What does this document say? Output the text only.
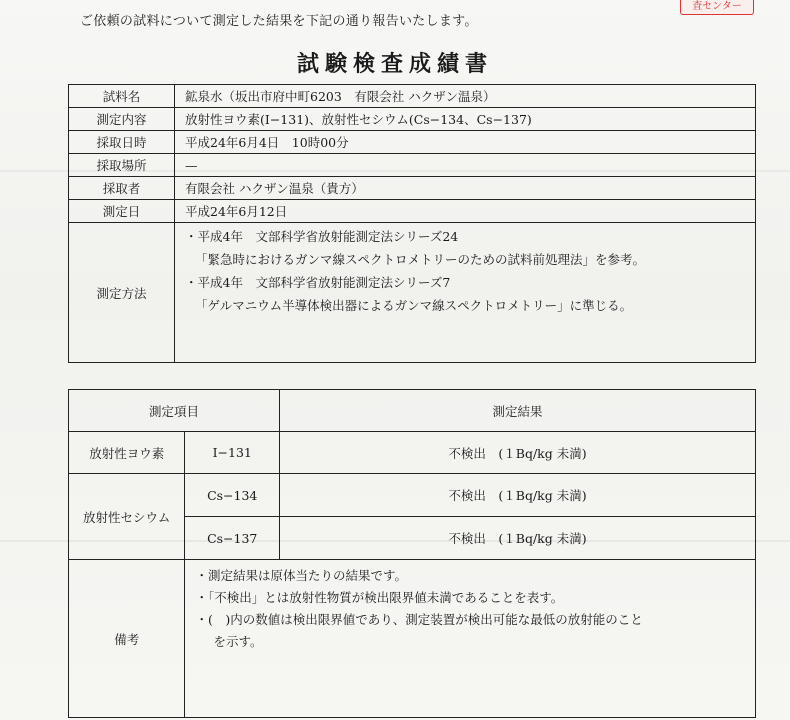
ご依頼の試料について測定した結果を下記の通り報告いたします。
査センター
試験検査成績書
試料名	鉱泉水（坂出市府中町6203　有限会社 ハクザン温泉）
測定内容	放射性ヨウ素(I−131)、放射性セシウム(Cs−134、Cs−137)
採取日時	平成24年6月4日　10時00分
採取場所	—
採取者	有限会社 ハクザン温泉（貴方）
測定日	平成24年6月12日
測定方法	・平成4年　文部科学省放射能測定法シリーズ24
「緊急時におけるガンマ線スペクトロメトリーのための試料前処理法」を参考。
・平成4年　文部科学省放射能測定法シリーズ7
「ゲルマニウム半導体検出器によるガンマ線スペクトロメトリー」に準じる。
測定項目		測定結果
放射性ヨウ素	I−131	不検出　(１Bq/kg 未満)
放射性セシウム	Cs−134	不検出　(１Bq/kg 未満)
	Cs−137	不検出　(１Bq/kg 未満)
備考	・測定結果は原体当たりの結果です。
・「不検出」とは放射性物質が検出限界値未満であることを表す。
・(　)内の数値は検出限界値であり、測定装置が検出可能な最低の放射能のこと
を示す。	
